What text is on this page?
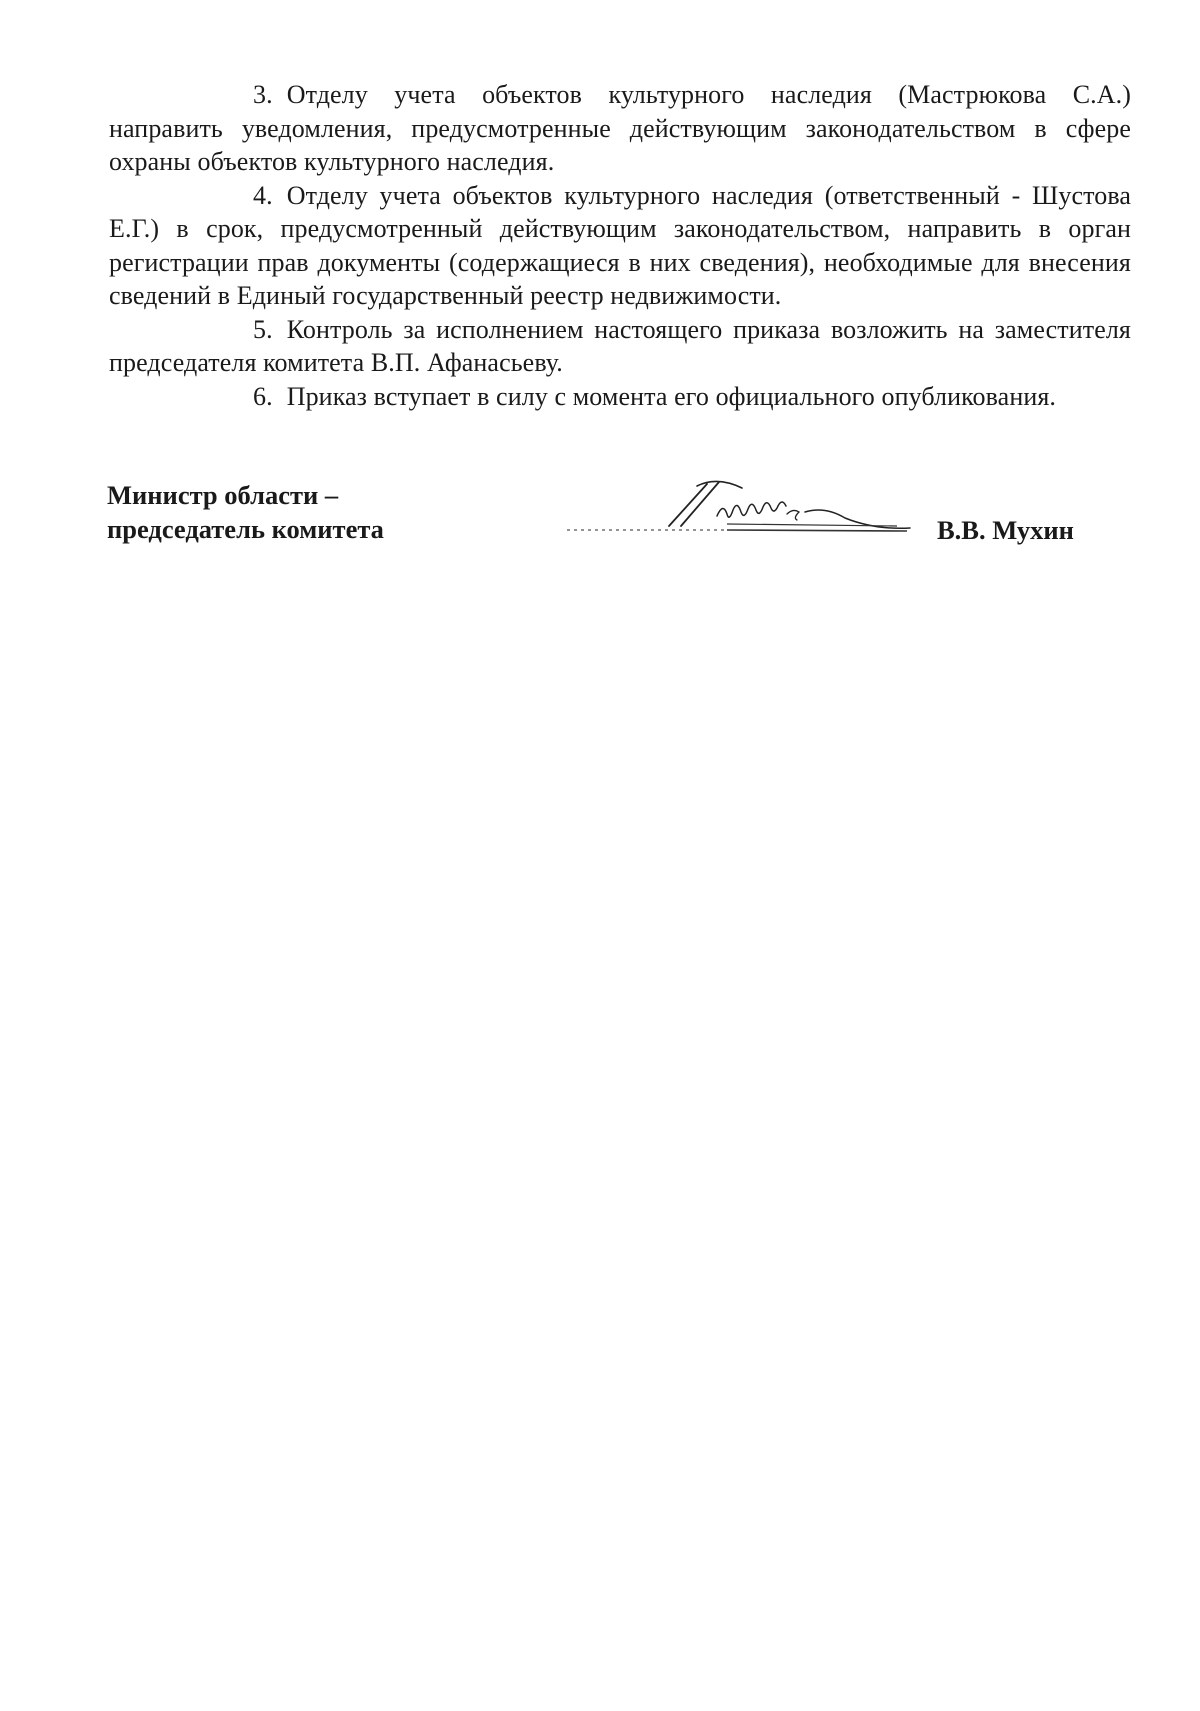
3. Отделу учета объектов культурного наследия (Мастрюкова С.А.) направить уведомления, предусмотренные действующим законодательством в сфере охраны объектов культурного наследия.

4. Отделу учета объектов культурного наследия (ответственный - Шустова Е.Г.) в срок, предусмотренный действующим законодательством, направить в орган регистрации прав документы (содержащиеся в них сведения), необходимые для внесения сведений в Единый государственный реестр недвижимости.

5. Контроль за исполнением настоящего приказа возложить на заместителя председателя комитета В.П. Афанасьеву.

6. Приказ вступает в силу с момента его официального опубликования.

Министр области –
председатель комитета	В.В. Мухин
